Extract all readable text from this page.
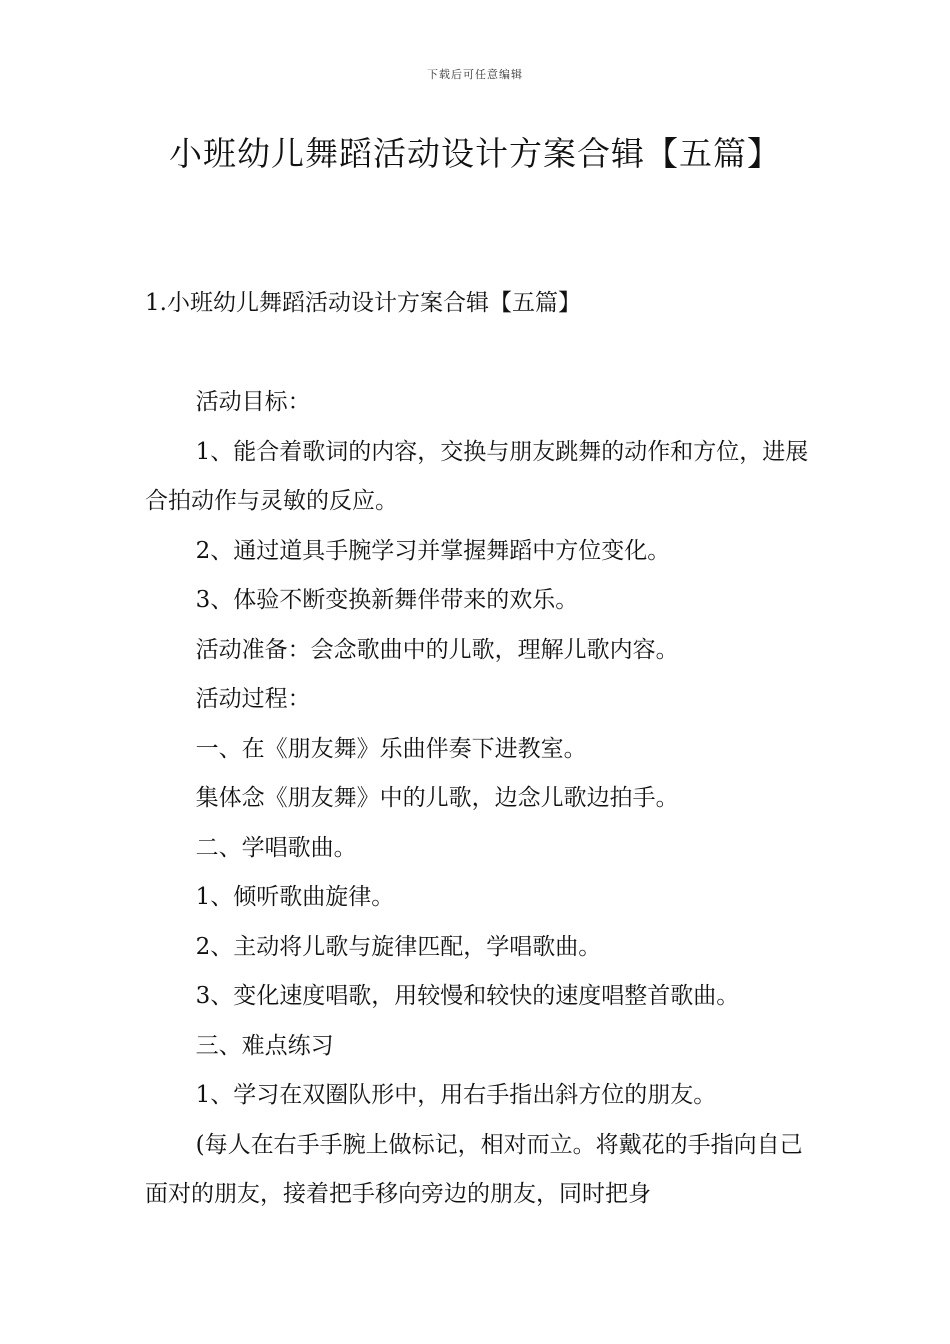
下载后可任意编辑
小班幼儿舞蹈活动设计方案合辑【五篇】
1.小班幼儿舞蹈活动设计方案合辑【五篇】

活动目标：

1、能合着歌词的内容，交换与朋友跳舞的动作和方位，进展合拍动作与灵敏的反应。

2、通过道具手腕学习并掌握舞蹈中方位变化。

3、体验不断变换新舞伴带来的欢乐。

活动准备：会念歌曲中的儿歌，理解儿歌内容。

活动过程：

一、在《朋友舞》乐曲伴奏下进教室。

集体念《朋友舞》中的儿歌，边念儿歌边拍手。

二、学唱歌曲。

1、倾听歌曲旋律。

2、主动将儿歌与旋律匹配，学唱歌曲。

3、变化速度唱歌，用较慢和较快的速度唱整首歌曲。

三、难点练习

1、学习在双圈队形中，用右手指出斜方位的朋友。

(每人在右手手腕上做标记，相对而立。将戴花的手指向自己面对的朋友，接着把手移向旁边的朋友，同时把身
